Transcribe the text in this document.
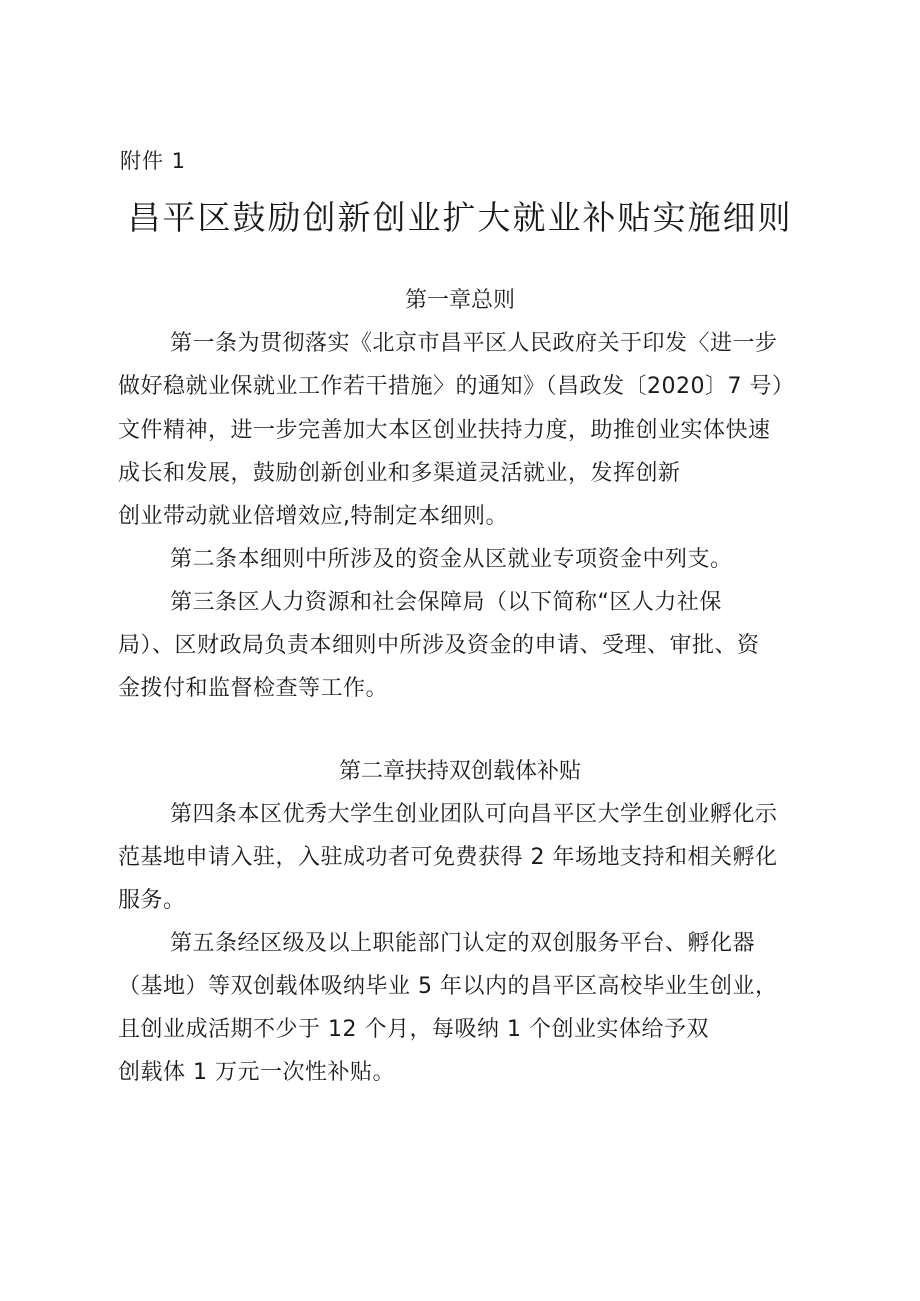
附件 1
昌平区鼓励创新创业扩大就业补贴实施细则
第一章总则
第一条为贯彻落实《北京市昌平区人民政府关于印发〈进一步
做好稳就业保就业工作若干措施〉的通知》（昌政发〔2020〕7 号）
文件精神，进一步完善加大本区创业扶持力度，助推创业实体快速
成长和发展，鼓励创新创业和多渠道灵活就业，发挥创新
创业带动就业倍增效应,特制定本细则。
第二条本细则中所涉及的资金从区就业专项资金中列支。
第三条区人力资源和社会保障局（以下简称“区人力社保
局）、区财政局负责本细则中所涉及资金的申请、受理、审批、资
金拨付和监督检查等工作。
第二章扶持双创载体补贴
第四条本区优秀大学生创业团队可向昌平区大学生创业孵化示
范基地申请入驻，入驻成功者可免费获得 2 年场地支持和相关孵化
服务。
第五条经区级及以上职能部门认定的双创服务平台、孵化器
（基地）等双创载体吸纳毕业 5 年以内的昌平区高校毕业生创业，
且创业成活期不少于 12 个月，每吸纳 1 个创业实体给予双
创载体 1 万元一次性补贴。
